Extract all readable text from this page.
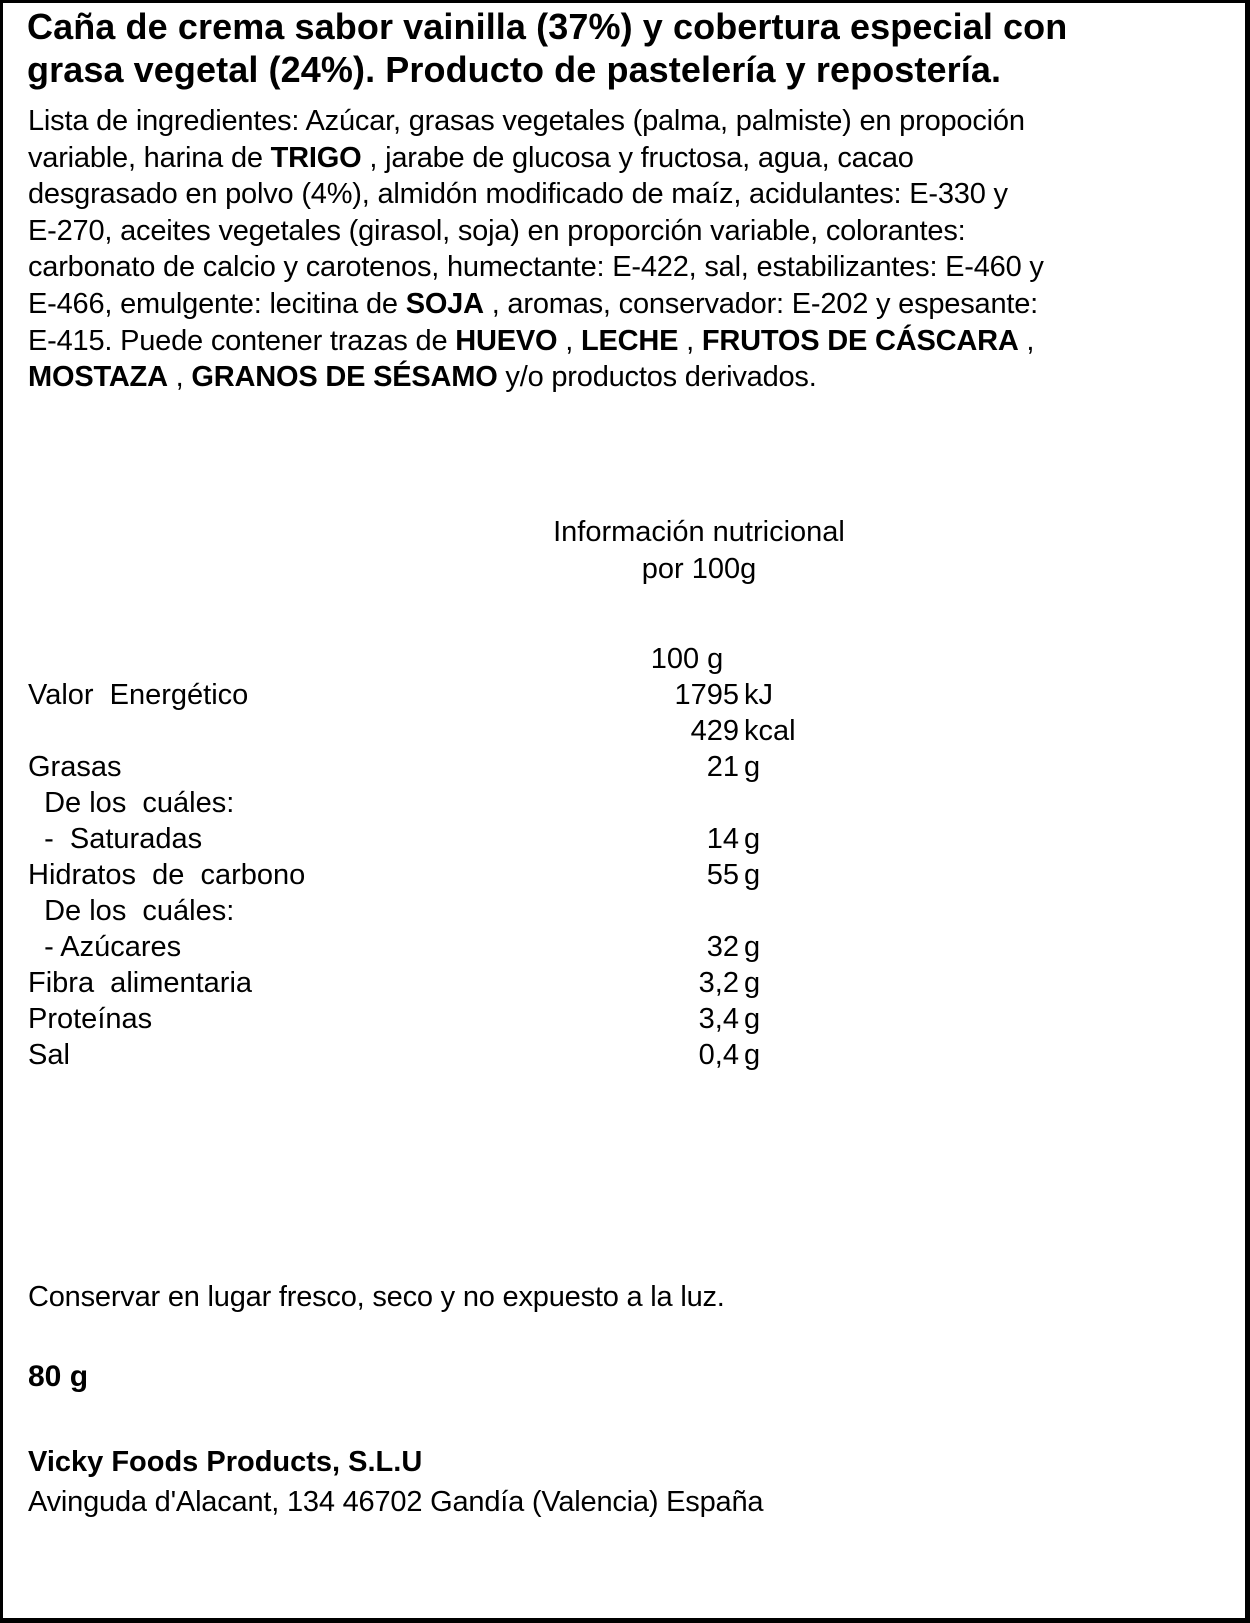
Caña de crema sabor vainilla (37%) y cobertura especial con
grasa vegetal (24%). Producto de pastelería y repostería.
Lista de ingredientes: Azúcar, grasas vegetales (palma, palmiste) en propoción
variable, harina de TRIGO , jarabe de glucosa y fructosa, agua, cacao
desgrasado en polvo (4%), almidón modificado de maíz, acidulantes: E-330 y
E-270, aceites vegetales (girasol, soja) en proporción variable, colorantes:
carbonato de calcio y carotenos, humectante: E-422, sal, estabilizantes: E-460 y
E-466, emulgente: lecitina de SOJA , aromas, conservador: E-202 y espesante:
E-415. Puede contener trazas de HUEVO , LECHE , FRUTOS DE CÁSCARA ,
MOSTAZA , GRANOS DE SÉSAMO y/o productos derivados.
Información nutricional
por 100g
100 g
Valor  Energético	1795 kJ
429 kcal
Grasas	21 g
De los  cuáles:
-  Saturadas	14 g
Hidratos  de  carbono	55 g
De los  cuáles:
- Azúcares	32 g
Fibra  alimentaria	3,2 g
Proteínas	3,4 g
Sal	0,4 g
Conservar en lugar fresco, seco y no expuesto a la luz.
80 g
Vicky Foods Products, S.L.U
Avinguda d'Alacant, 134 46702 Gandía (Valencia) España
